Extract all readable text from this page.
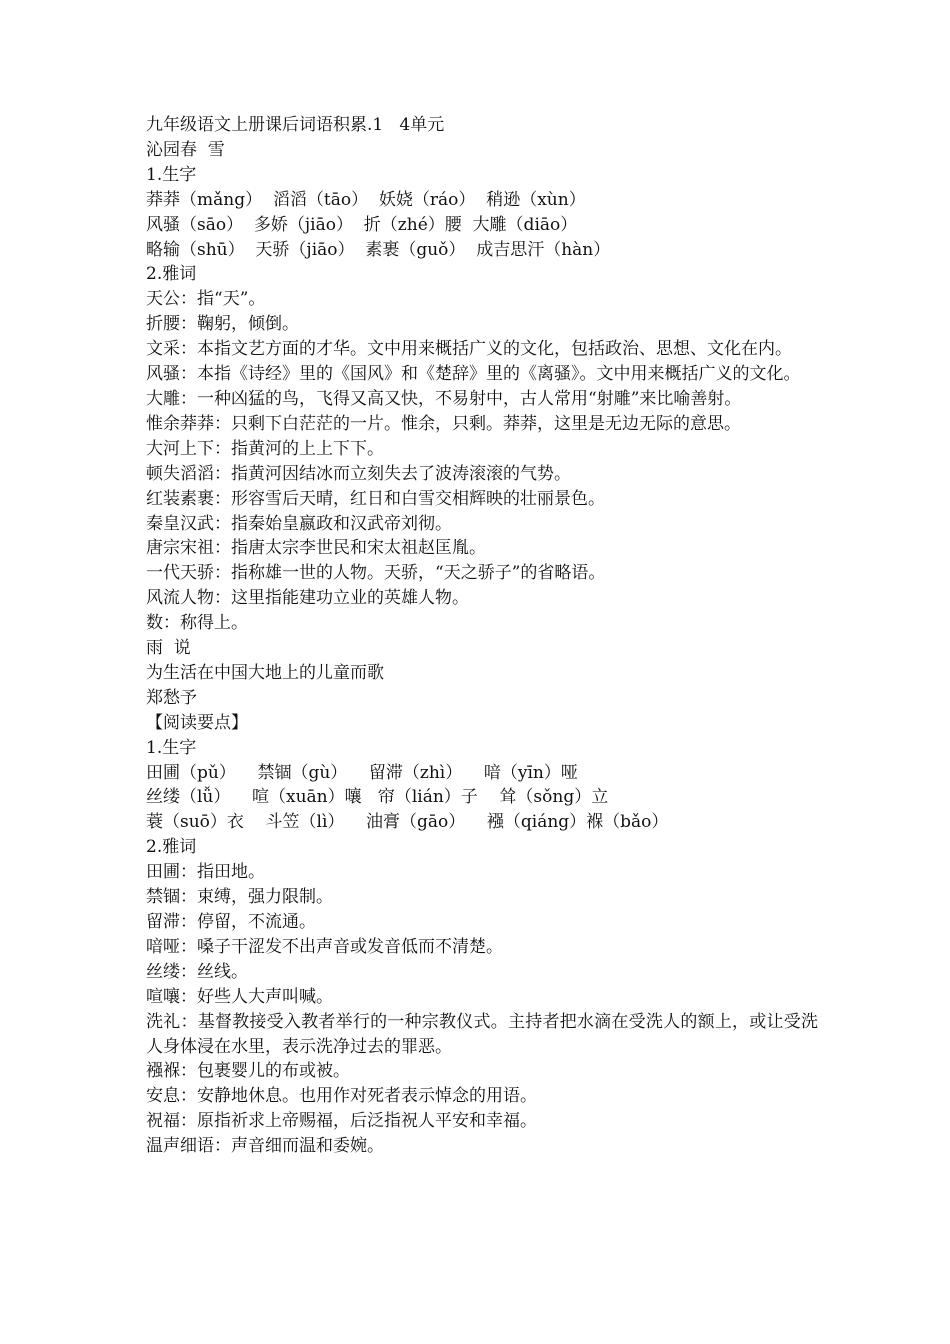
九年级语文上册课后词语积累.1   4单元
沁园春  雪
1.生字
莽莽（mǎng）  滔滔（tāo）  妖娆（ráo）  稍逊（xùn）
风骚（sāo）  多娇（jiāo）  折（zhé）腰  大雕（diāo）
略输（shū）  天骄（jiāo）  素裹（guǒ）  成吉思汗（hàn）
2.雅词
天公：指“天”。
折腰：鞠躬，倾倒。
文采：本指文艺方面的才华。文中用来概括广义的文化，包括政治、思想、文化在内。
风骚：本指《诗经》里的《国风》和《楚辞》里的《离骚》。文中用来概括广义的文化。
大雕：一种凶猛的鸟，飞得又高又快，不易射中，古人常用“射雕”来比喻善射。
惟余莽莽：只剩下白茫茫的一片。惟余，只剩。莽莽，这里是无边无际的意思。
大河上下：指黄河的上上下下。
顿失滔滔：指黄河因结冰而立刻失去了波涛滚滚的气势。
红装素裹：形容雪后天晴，红日和白雪交相辉映的壮丽景色。
秦皇汉武：指秦始皇嬴政和汉武帝刘彻。
唐宗宋祖：指唐太宗李世民和宋太祖赵匡胤。
一代天骄：指称雄一世的人物。天骄，“天之骄子”的省略语。
风流人物：这里指能建功立业的英雄人物。
数：称得上。
雨  说
为生活在中国大地上的儿童而歌
郑愁予
【阅读要点】
1.生字
田圃（pǔ）    禁锢（gù）    留滞（zhì）    喑（yīn）哑
丝缕（lǚ）    喧（xuān）嚷   帘（lián）子    耸（sǒng）立
蓑（suō）衣    斗笠（lì）    油膏（gāo）    襁（qiáng）褓（bǎo）
2.雅词
田圃：指田地。
禁锢：束缚，强力限制。
留滞：停留，不流通。
喑哑：嗓子干涩发不出声音或发音低而不清楚。
丝缕：丝线。
喧嚷：好些人大声叫喊。
洗礼：基督教接受入教者举行的一种宗教仪式。主持者把水滴在受洗人的额上，或让受洗人身体浸在水里，表示洗净过去的罪恶。
襁褓：包裹婴儿的布或被。
安息：安静地休息。也用作对死者表示悼念的用语。
祝福：原指祈求上帝赐福，后泛指祝人平安和幸福。
温声细语：声音细而温和委婉。
